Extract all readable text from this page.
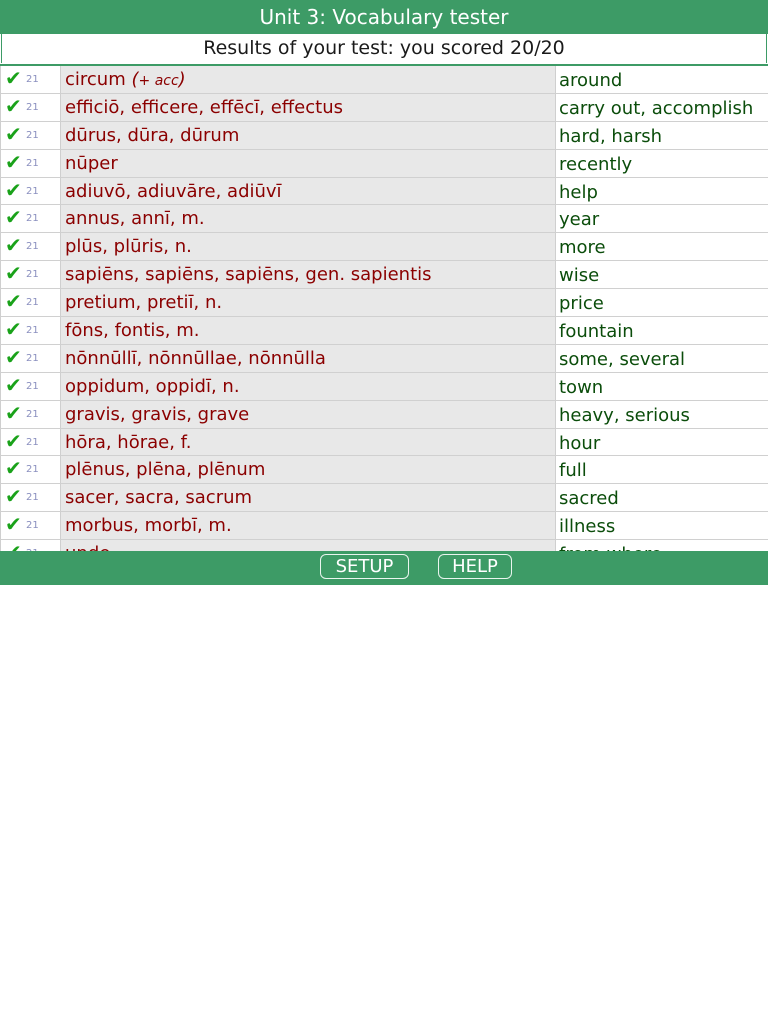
Unit 3: Vocabulary tester
Results of your test: you scored 20/20
✔ 21 circum (+ acc)	around
✔ 21 efficiō, efficere, effēcī, effectus	carry out, accomplish
✔ 21 dūrus, dūra, dūrum	hard, harsh
✔ 21 nūper	recently
✔ 21 adiuvō, adiuvāre, adiūvī	help
✔ 21 annus, annī, m.	year
✔ 21 plūs, plūris, n.	more
✔ 21 sapiēns, sapiēns, sapiēns, gen. sapientis	wise
✔ 21 pretium, pretiī, n.	price
✔ 21 fōns, fontis, m.	fountain
✔ 21 nōnnūllī, nōnnūllae, nōnnūlla	some, several
✔ 21 oppidum, oppidī, n.	town
✔ 21 gravis, gravis, grave	heavy, serious
✔ 21 hōra, hōrae, f.	hour
✔ 21 plēnus, plēna, plēnum	full
✔ 21 sacer, sacra, sacrum	sacred
✔ 21 morbus, morbī, m.	illness
SETUP	HELP
